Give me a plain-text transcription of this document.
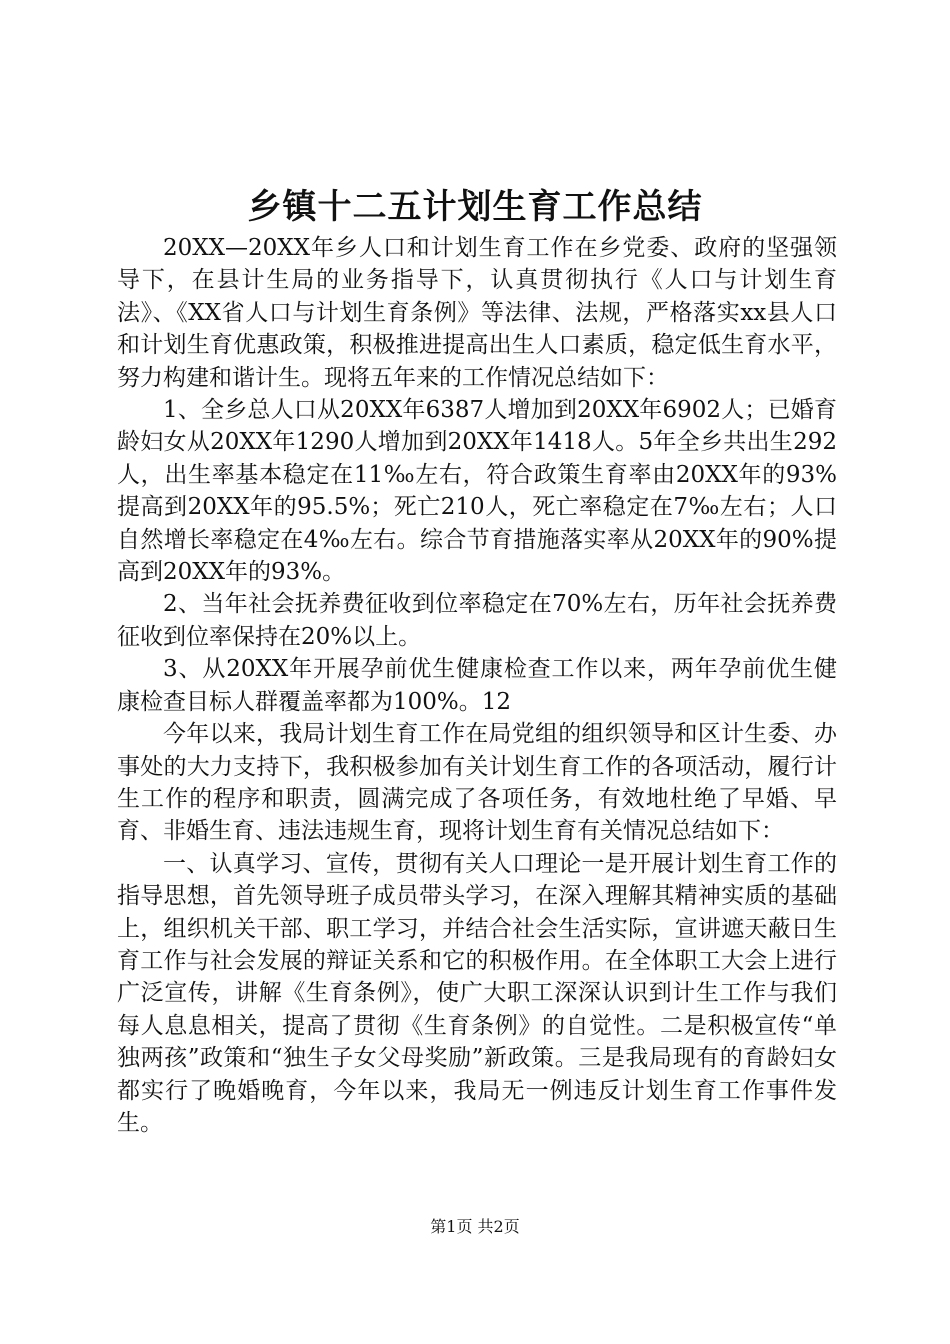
乡镇十二五计划生育工作总结

20XX—20XX年乡人口和计划生育工作在乡党委、政府的坚强领导下，在县计生局的业务指导下，认真贯彻执行《人口与计划生育法》、《XX省人口与计划生育条例》等法律、法规，严格落实xx县人口和计划生育优惠政策，积极推进提高出生人口素质，稳定低生育水平，努力构建和谐计生。现将五年来的工作情况总结如下：

1、全乡总人口从20XX年6387人增加到20XX年6902人；已婚育龄妇女从20XX年1290人增加到20XX年1418人。5年全乡共出生292人，出生率基本稳定在11‰左右，符合政策生育率由20XX年的93%提高到20XX年的95.5%；死亡210人，死亡率稳定在7‰左右；人口自然增长率稳定在4‰左右。综合节育措施落实率从20XX年的90%提高到20XX年的93%。

2、当年社会抚养费征收到位率稳定在70%左右，历年社会抚养费征收到位率保持在20%以上。

3、从20XX年开展孕前优生健康检查工作以来，两年孕前优生健康检查目标人群覆盖率都为100%。12

今年以来，我局计划生育工作在局党组的组织领导和区计生委、办事处的大力支持下，我积极参加有关计划生育工作的各项活动，履行计生工作的程序和职责，圆满完成了各项任务，有效地杜绝了早婚、早育、非婚生育、违法违规生育，现将计划生育有关情况总结如下：

一、认真学习、宣传，贯彻有关人口理论一是开展计划生育工作的指导思想，首先领导班子成员带头学习，在深入理解其精神实质的基础上，组织机关干部、职工学习，并结合社会生活实际，宣讲遮天蔽日生育工作与社会发展的辩证关系和它的积极作用。在全体职工大会上进行广泛宣传，讲解《生育条例》，使广大职工深深认识到计生工作与我们每人息息相关，提高了贯彻《生育条例》的自觉性。二是积极宣传“单独两孩”政策和“独生子女父母奖励”新政策。三是我局现有的育龄妇女都实行了晚婚晚育，今年以来，我局无一例违反计划生育工作事件发生。

第1页 共2页
